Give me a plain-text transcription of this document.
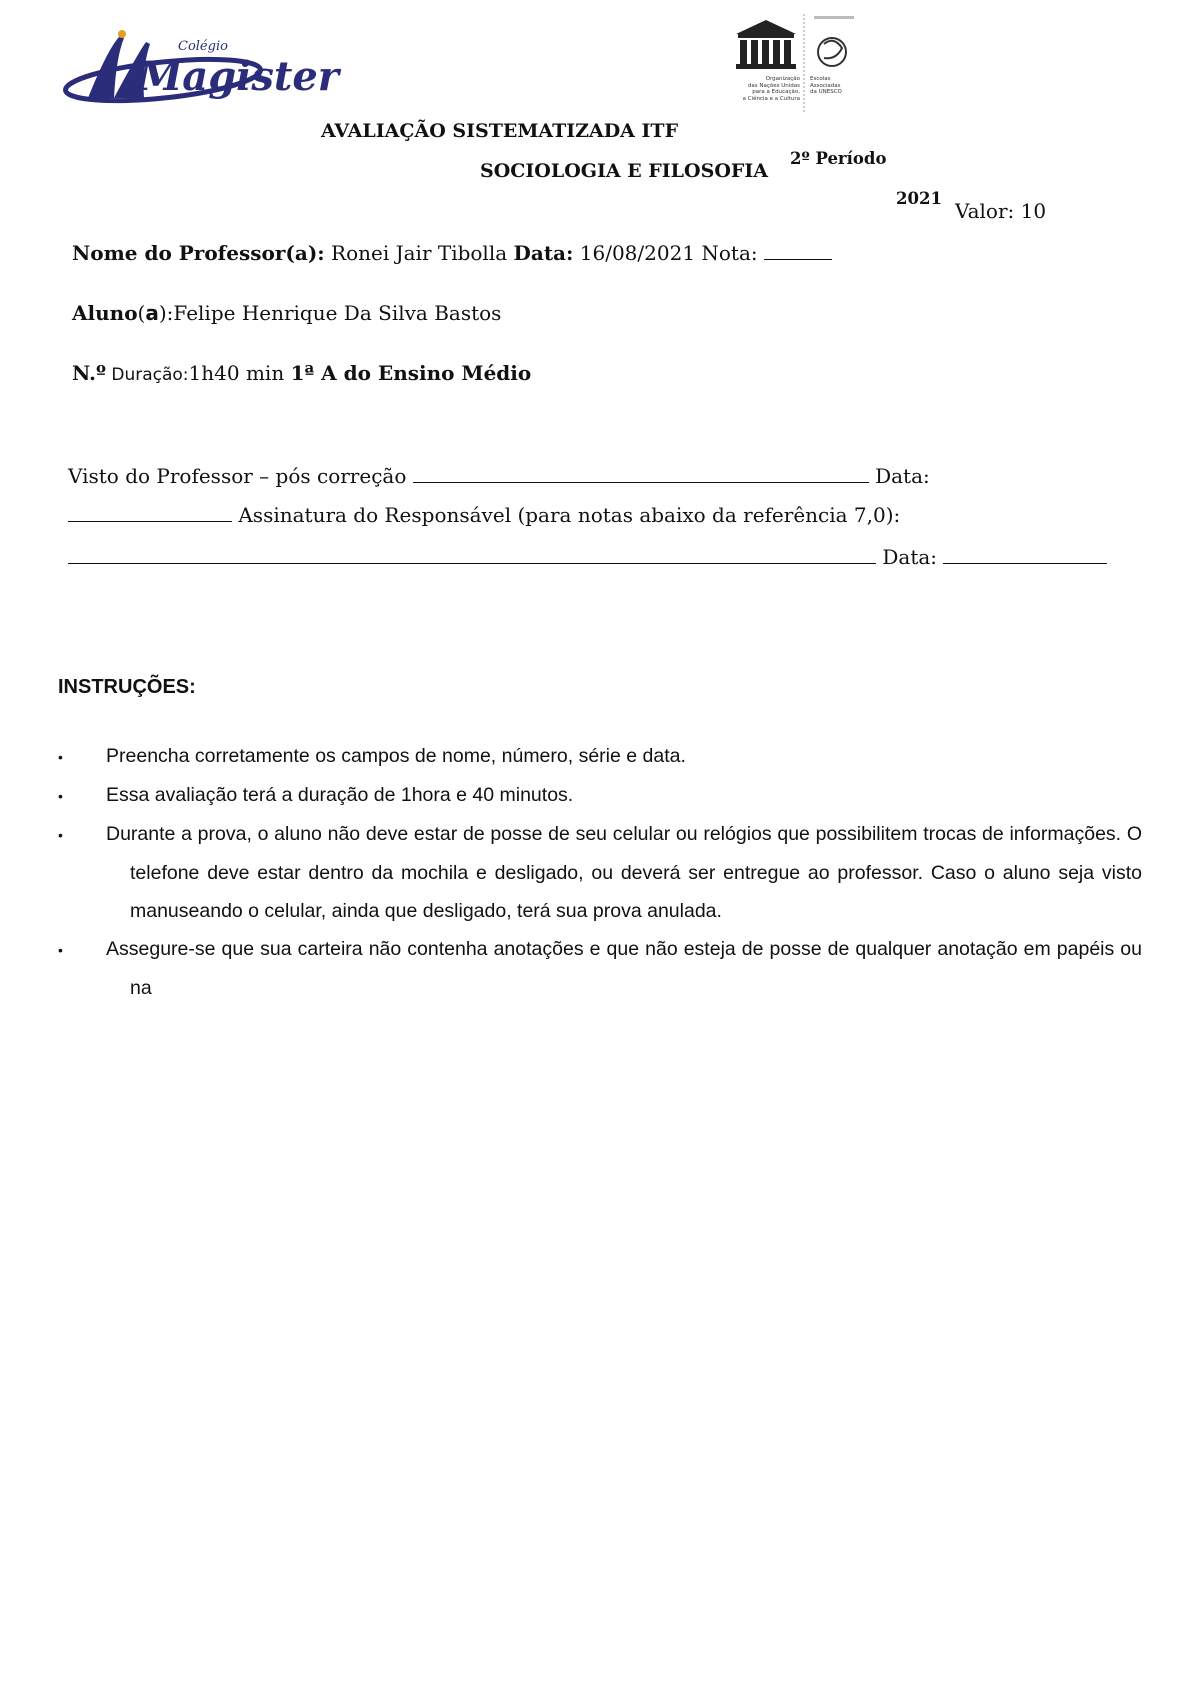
Colégio
Magister	Organização
das Nações Unidas
para a Educação,
a Ciência e a Cultura
Escolas
Associadas
da UNESCO
AVALIAÇÃO SISTEMATIZADA ITF
SOCIOLOGIA E FILOSOFIA
2º Período
2021
Valor: 10
Nome do Professor(a): Ronei Jair Tibolla Data: 16/08/2021 Nota:
Aluno(a):Felipe Henrique Da Silva Bastos
N.º Duração:1h40 min 1ª A do Ensino Médio
Visto do Professor – pós correção	Data:
Assinatura do Responsável (para notas abaixo da referência 7,0):
Data:
INSTRUÇÕES:
• Preencha corretamente os campos de nome, número, série e data.
• Essa avaliação terá a duração de 1hora e 40 minutos.
• Durante a prova, o aluno não deve estar de posse de seu celular ou relógios que possibilitem trocas de informações. O telefone deve estar dentro da mochila e desligado, ou deverá ser entregue ao professor. Caso o aluno seja visto manuseando o celular, ainda que desligado, terá sua prova anulada.
• Assegure-se que sua carteira não contenha anotações e que não esteja de posse de qualquer anotação em papéis ou na
